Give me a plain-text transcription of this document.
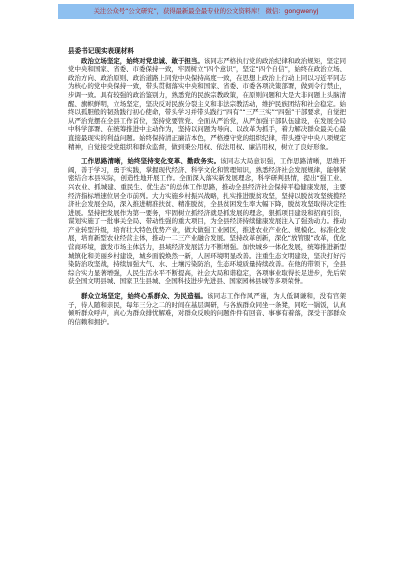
关注公众号“公文研究”，获得最新最全最专业的公文资料库！ 微信：gongwenyj
县委书记现实表现材料

政治立场坚定，始终对党忠诚、敢于担当。该同志严格执行党的政治纪律和政治规矩，坚定同党中央和国家、省委、市委保持一致，牢固树立“四个意识”，坚定“四个自信”，始终在政治立场、政治方向、政治原则、政治道路上同党中央保持高度一致，在思想上政治上行动上同以习近平同志为核心的党中央保持一致，带头贯彻落实中央和国家、省委、市委各项决策部署，做到令行禁止，步调一致。具有较强的政治鉴别力，熟悉党的民族宗教政策，在原则问题和大是大非问题上头脑清醒、旗帜鲜明，立场坚定，坚决反对民族分裂主义和非法宗教活动，维护民族团结和社会稳定。始终以孤胆般的韧劲践行初心使命，带头学习并带头践行“四有”“三严三实”“四强”干部要求，自觉把从严治党摆在全县工作首位，坚持党要管党、全面从严治党，从严加强干部队伍建设，在发展全局中科学部署、在统筹推进中主动作为，坚持以问题为导向、以改革为抓手，着力解决群众最关心最直接最现实的利益问题。始终保持清正廉洁本色，严格遵守党的组织纪律，带头遵守中央八项规定精神，自觉接受党组织和群众监督，做到秉公用权、依法用权、廉洁用权，树立了良好形象。

工作思路清晰，始终坚持变化变革、勤政务实。该同志大局意识强，工作思路清晰，思维开阔，善于学习，勇于实践，掌握现代经济、科学文化和管理知识，熟悉经济社会发展规律，能够紧密结合本县实际，创造性地开展工作。全面深入落实新发展理念，科学研判县情，提出“强工业、兴农业、抓城建、重民生、优生态”的总体工作思路，推动全县经济社会保持平稳健康发展，主要经济指标增速位居全市前列。大力实施乡村振兴战略，扎实推进脱贫攻坚，坚持以脱贫攻坚统揽经济社会发展全局，深入推进精准扶贫、精准脱贫，全县贫困发生率大幅下降，脱贫攻坚取得决定性进展。坚持把发展作为第一要务，牢固树立抓经济就是抓发展的理念，狠抓项目建设和招商引资，谋划实施了一批事关全局、带动性强的重大项目，为全县经济持续健康发展注入了强劲动力。推动产业转型升级，培育壮大特色优势产业，做大做强工业园区，推进农业产业化、规模化、标准化发展，培育新型农业经营主体，推动一二三产业融合发展。坚持改革创新，深化“放管服”改革，优化营商环境，激发市场主体活力，县域经济发展活力不断增强。加快城乡一体化发展，统筹推进新型城镇化和美丽乡村建设，城乡面貌焕然一新，人居环境明显改善。注重生态文明建设，坚决打好污染防治攻坚战，持续加强大气、水、土壤污染防治，生态环境质量持续改善。在他的带领下，全县综合实力显著增强，人民生活水平不断提高，社会大局和谐稳定，各项事业取得长足进步，先后荣获全国文明县城、国家卫生县城、全国科技进步先进县、国家园林县城等多项荣誉。

群众立场坚定，始终心系群众、为民造福。该同志工作作风严谨，为人低调谦和，没有官架子，待人随和亲民，每年三分之二的时间在基层调研，与各族群众同坐一条凳，同吃一锅饭，认真倾听群众呼声，真心为群众排忧解难，对群众反映的问题件件有回音、事事有着落，深受干部群众的信赖和拥护。
